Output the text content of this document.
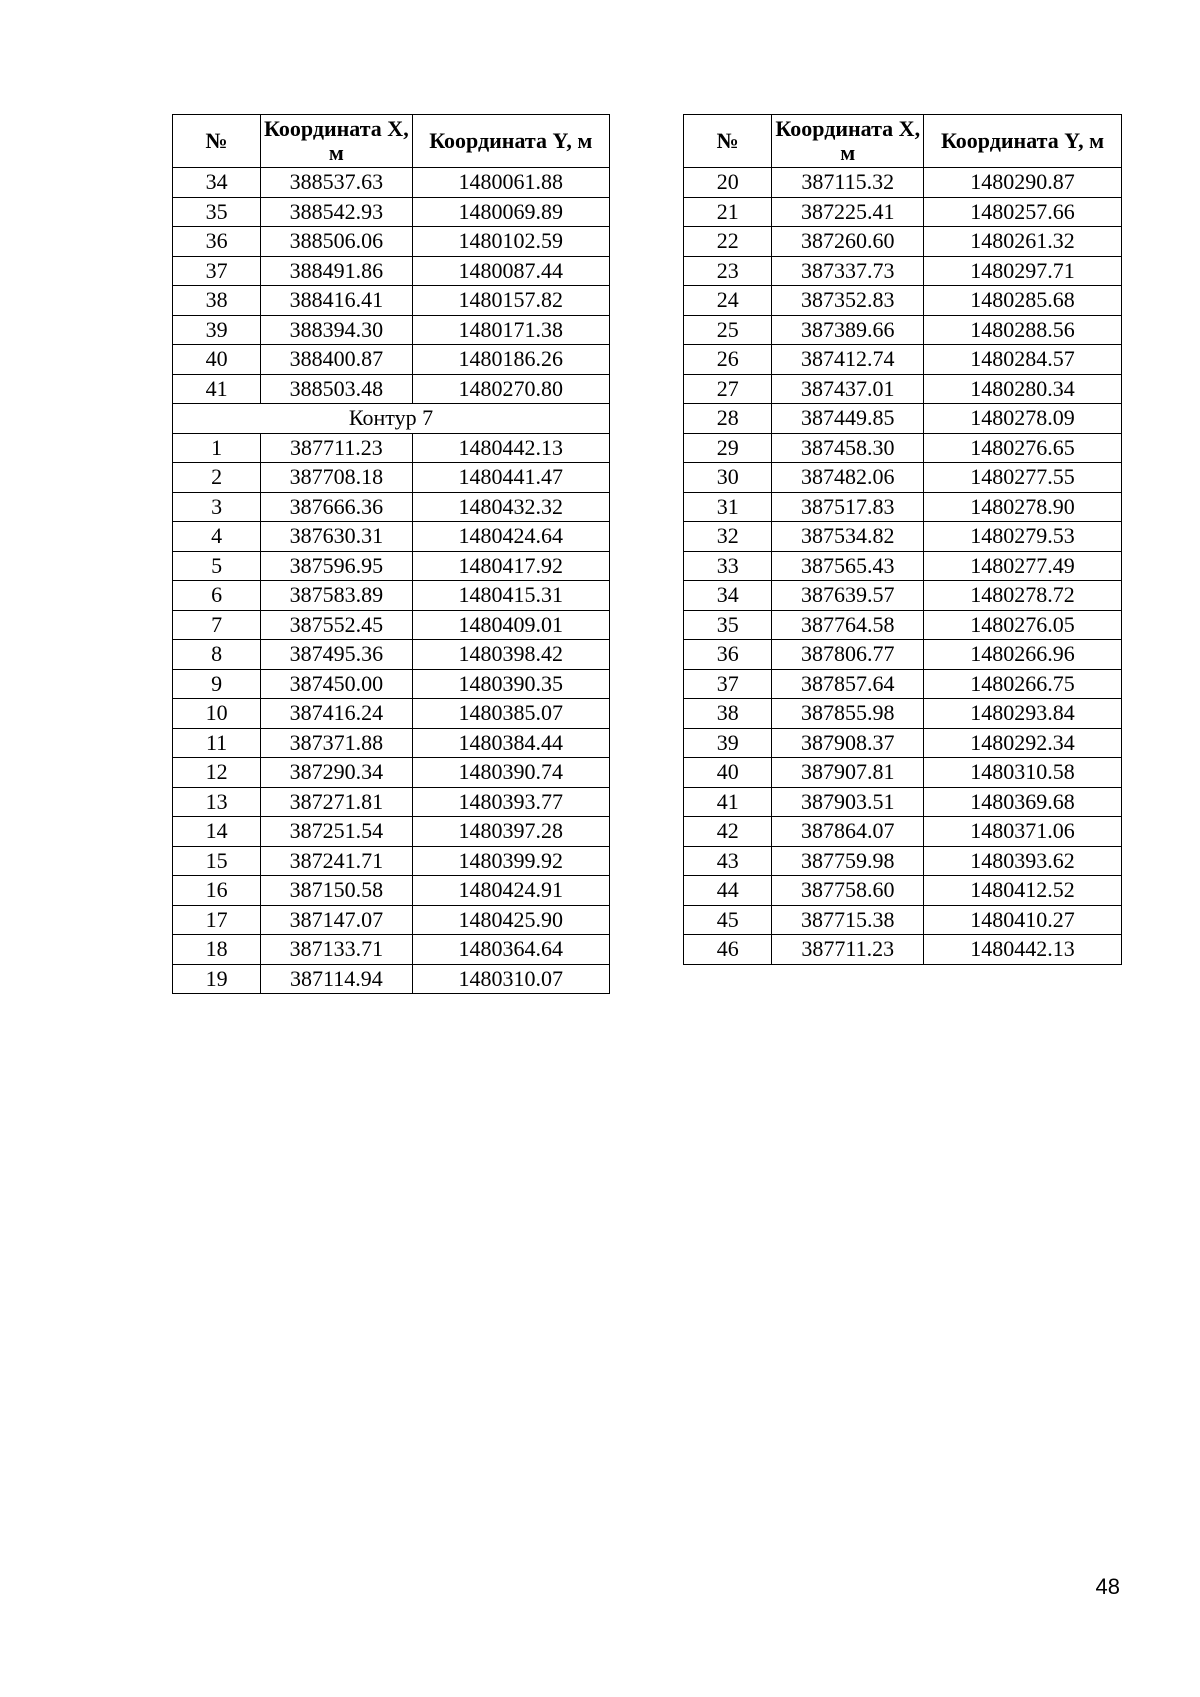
№	Координата X, м	Координата Y, м
34	388537.63	1480061.88
35	388542.93	1480069.89
36	388506.06	1480102.59
37	388491.86	1480087.44
38	388416.41	1480157.82
39	388394.30	1480171.38
40	388400.87	1480186.26
41	388503.48	1480270.80
Контур 7		
1	387711.23	1480442.13
2	387708.18	1480441.47
3	387666.36	1480432.32
4	387630.31	1480424.64
5	387596.95	1480417.92
6	387583.89	1480415.31
7	387552.45	1480409.01
8	387495.36	1480398.42
9	387450.00	1480390.35
10	387416.24	1480385.07
11	387371.88	1480384.44
12	387290.34	1480390.74
13	387271.81	1480393.77
14	387251.54	1480397.28
15	387241.71	1480399.92
16	387150.58	1480424.91
17	387147.07	1480425.90
18	387133.71	1480364.64
19	387114.94	1480310.07
№	Координата X, м	Координата Y, м
20	387115.32	1480290.87
21	387225.41	1480257.66
22	387260.60	1480261.32
23	387337.73	1480297.71
24	387352.83	1480285.68
25	387389.66	1480288.56
26	387412.74	1480284.57
27	387437.01	1480280.34
28	387449.85	1480278.09
29	387458.30	1480276.65
30	387482.06	1480277.55
31	387517.83	1480278.90
32	387534.82	1480279.53
33	387565.43	1480277.49
34	387639.57	1480278.72
35	387764.58	1480276.05
36	387806.77	1480266.96
37	387857.64	1480266.75
38	387855.98	1480293.84
39	387908.37	1480292.34
40	387907.81	1480310.58
41	387903.51	1480369.68
42	387864.07	1480371.06
43	387759.98	1480393.62
44	387758.60	1480412.52
45	387715.38	1480410.27
46	387711.23	1480442.13
48
